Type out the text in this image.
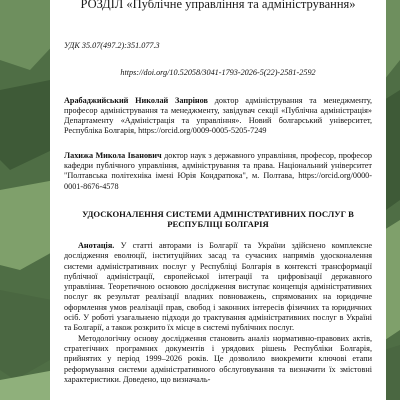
РОЗДІЛ «Публічне управління та адміністрування»
УДК 35.07(497.2):351.077.3
https://doi.org/10.52058/3041-1793-2026-5(22)-2581-2592
Арабаджийський Николай Запрінов доктор адміністрування та менеджменту, професор адміністрування та менеджменту, завідувач секції «Публічна адміністрація» Департаменту «Адміністрація та управління». Новий болгарський університет, Республіка Болгарія, https://orcid.org/0009-0005-5205-7249
Лахижа Микола Іванович доктор наук з державного управління, професор, професор кафедри публічного управління, адміністрування та права. Національний університет "Полтавська політехніка імені Юрія Кондратюка", м. Полтава, https://orcid.org/0000-0001-8676-4578
УДОСКОНАЛЕННЯ СИСТЕМИ АДМІНІСТРАТИВНИХ ПОСЛУГ В РЕСПУБЛІЦІ БОЛГАРІЯ
Анотація. У статті авторами із Болгарії та України здійснено комплексне дослідження еволюції, інституційних засад та сучасних напрямів удосконалення системи адміністративних послуг у Республіці Болгарія в контексті трансформації публічної адміністрації, європейської інтеграції та цифровізації державного управління. Теоретичною основою дослідження виступає концепція адміністративних послуг як результат реалізації владних повноважень, спрямованих на юридичне оформлення умов реалізації прав, свобод і законних інтересів фізичних та юридичних осіб. У роботі узагальнено підходи до трактування адміністративних послуг в Україні та Болгарії, а також розкрито їх місце в системі публічних послуг.
Методологічну основу дослідження становить аналіз нормативно-правових актів, стратегічних програмних документів і урядових рішень Республіки Болгарія, прийнятих у період 1999–2026 років. Це дозволило виокремити ключові етапи реформування системи адміністративного обслуговування та визначити їх змістовні характеристики. Доведено, що визначаль-
